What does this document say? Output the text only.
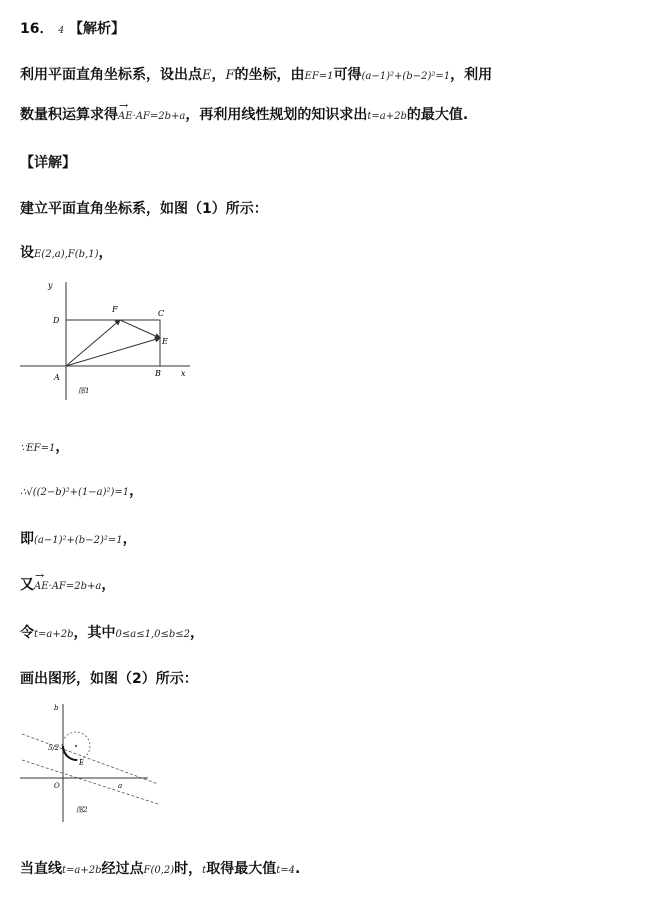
16． 4 【解析】
利用平面直角坐标系，设出点E，F的坐标，由EF=1可得(a−1)²+(b−2)²=1，利用
数量积运算求得→ AE·AF=2b+a，再利用线性规划的知识求出t=a+2b的最大值.
【详解】
建立平面直角坐标系，如图（1）所示：
设E(2,a),F(b,1)，
y
D
F	C
E
A	B	x
图1
∵EF=1，
∴√((2−b)²+(1−a)²)=1，
即(a−1)²+(b−2)²=1，
又→ AE·AF=2b+a，
令t=a+2b，其中0≤a≤1,0≤b≤2，
画出图形，如图（2）所示：
b
5/2
E
O	a
图2
当直线t=a+2b经过点F(0,2)时，t取得最大值t=4.
